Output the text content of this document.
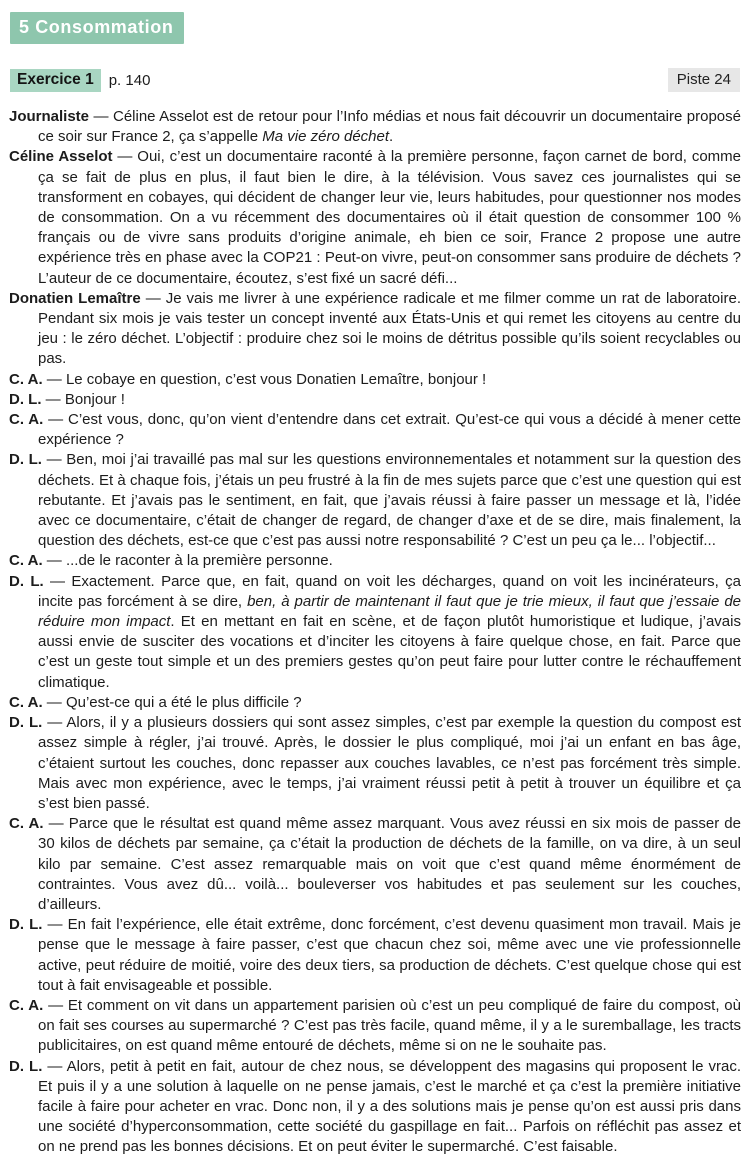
5 Consommation
Exercice 1	p. 140	Piste 24

Journaliste — Céline Asselot est de retour pour l’Info médias et nous fait découvrir un documentaire proposé ce soir sur France 2, ça s’appelle Ma vie zéro déchet.

Céline Asselot — Oui, c’est un documentaire raconté à la première personne, façon carnet de bord, comme ça se fait de plus en plus, il faut bien le dire, à la télévision. Vous savez ces journalistes qui se transforment en cobayes, qui décident de changer leur vie, leurs habitudes, pour questionner nos modes de consommation. On a vu récemment des documentaires où il était question de consommer 100 % français ou de vivre sans produits d’origine animale, eh bien ce soir, France 2 propose une autre expérience très en phase avec la COP21 : Peut-on vivre, peut-on consommer sans produire de déchets ? L’auteur de ce documentaire, écoutez, s’est fixé un sacré défi...

Donatien Lemaître — Je vais me livrer à une expérience radicale et me filmer comme un rat de laboratoire. Pendant six mois je vais tester un concept inventé aux États-Unis et qui remet les citoyens au centre du jeu : le zéro déchet. L’objectif : produire chez soi le moins de détritus possible qu’ils soient recyclables ou pas.

C. A. — Le cobaye en question, c’est vous Donatien Lemaître, bonjour !

D. L. — Bonjour !

C. A. — C’est vous, donc, qu’on vient d’entendre dans cet extrait. Qu’est-ce qui vous a décidé à mener cette expérience ?

D. L. — Ben, moi j’ai travaillé pas mal sur les questions environnementales et notamment sur la question des déchets. Et à chaque fois, j’étais un peu frustré à la fin de mes sujets parce que c’est une question qui est rebutante. Et j’avais pas le sentiment, en fait, que j’avais réussi à faire passer un message et là, l’idée avec ce documentaire, c’était de changer de regard, de changer d’axe et de se dire, mais finalement, la question des déchets, est-ce que c’est pas aussi notre responsabilité ? C’est un peu ça le... l’objectif...

C. A. — ...de le raconter à la première personne.

D. L. — Exactement. Parce que, en fait, quand on voit les décharges, quand on voit les incinérateurs, ça incite pas forcément à se dire, ben, à partir de maintenant il faut que je trie mieux, il faut que j’essaie de réduire mon impact. Et en mettant en fait en scène, et de façon plutôt humoristique et ludique, j’avais aussi envie de susciter des vocations et d’inciter les citoyens à faire quelque chose, en fait. Parce que c’est un geste tout simple et un des premiers gestes qu’on peut faire pour lutter contre le réchauffement climatique.

C. A. — Qu’est-ce qui a été le plus difficile ?

D. L. — Alors, il y a plusieurs dossiers qui sont assez simples, c’est par exemple la question du compost est assez simple à régler, j’ai trouvé. Après, le dossier le plus compliqué, moi j’ai un enfant en bas âge, c’étaient surtout les couches, donc repasser aux couches lavables, ce n’est pas forcément très simple. Mais avec mon expérience, avec le temps, j’ai vraiment réussi petit à petit à trouver un équilibre et ça s’est bien passé.

C. A. — Parce que le résultat est quand même assez marquant. Vous avez réussi en six mois de passer de 30 kilos de déchets par semaine, ça c’était la production de déchets de la famille, on va dire, à un seul kilo par semaine. C’est assez remarquable mais on voit que c’est quand même énormément de contraintes. Vous avez dû... voilà... bouleverser vos habitudes et pas seulement sur les couches, d’ailleurs.

D. L. — En fait l’expérience, elle était extrême, donc forcément, c’est devenu quasiment mon travail. Mais je pense que le message à faire passer, c’est que chacun chez soi, même avec une vie professionnelle active, peut réduire de moitié, voire des deux tiers, sa production de déchets. C’est quelque chose qui est tout à fait envisageable et possible.

C. A. — Et comment on vit dans un appartement parisien où c’est un peu compliqué de faire du compost, où on fait ses courses au supermarché ? C’est pas très facile, quand même, il y a le suremballage, les tracts publicitaires, on est quand même entouré de déchets, même si on ne le souhaite pas.

D. L. — Alors, petit à petit en fait, autour de chez nous, se développent des magasins qui proposent le vrac. Et puis il y a une solution à laquelle on ne pense jamais, c’est le marché et ça c’est la première initiative facile à faire pour acheter en vrac. Donc non, il y a des solutions mais je pense qu’on est aussi pris dans une société d’hyperconsommation, cette société du gaspillage en fait... Parfois on réfléchit pas assez et on ne prend pas les bonnes décisions. Et on peut éviter le supermarché. C’est faisable.
